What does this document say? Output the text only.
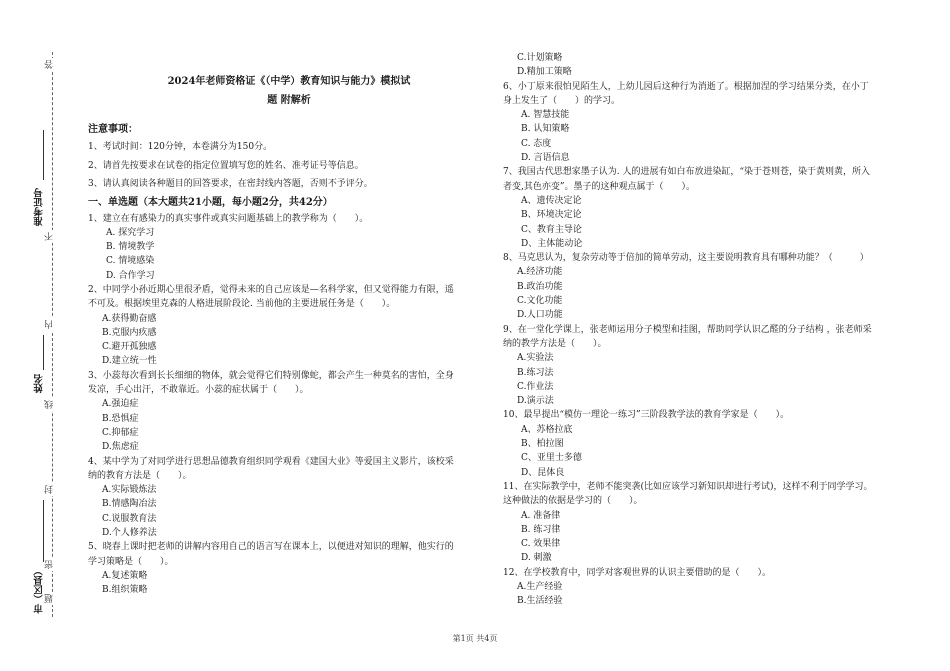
答
不
内
线
封
密
题
准考证号
姓名
市（区县）

2024年老师资格证《（中学）教育知识与能力》模拟试

题 附解析

注意事项：

1、考试时间：120分钟，本卷满分为150分。

2、请首先按要求在试卷的指定位置填写您的姓名、准考证号等信息。

3、请认真阅读各种题目的回答要求，在密封线内答题，否则不予评分。

一、单选题（本大题共21小题，每小题2分，共42分）

1、建立在有感染力的真实事件或真实问题基础上的教学称为（　　）。

A. 探究学习

B. 情境教学

C. 情境感染

D. 合作学习

2、中同学小孙近期心里很矛盾，觉得未来的自己应该是—名科学家，但又觉得能力有限，遥

不可及。根据埃里克森的人格进展阶段论. 当前他的主要进展任务是（　　）。

A.获得勤奋感

B.克服内疚感

C.避开孤独感

D.建立统一性

3、小蕊每次看到长长细细的物体，就会觉得它们特别像蛇，都会产生一种莫名的害怕，全身

发凉，手心出汗，不敢靠近。小蕊的症状属于（　　）。

A.强迫症

B.恐惧症

C.抑郁症

D.焦虑症

4、某中学为了对同学进行思想品德教育组织同学观看《建国大业》等爱国主义影片，该校采

纳的教育方法是（　　）。

A.实际锻炼法

B.情感陶冶法

C.说服教育法

D.个人修养法

5、晓春上课时把老师的讲解内容用自己的语言写在课本上，以便进对知识的理解，他实行的

学习策略是（　　）。

A.复述策略

B.组织策略

C.计划策略

D.精加工策略

6、小丁原来很怕见陌生人，上幼儿园后这种行为消逝了。根据加涅的学习结果分类，在小丁

身上发生了（　　）的学习。

A. 智慧技能

B. 认知策略

C. 态度

D. 言语信息

7、我国古代思想家墨子认为. 人的进展有如白布放进染缸，“染于苍则苍，染于黄则黄，所入

者变,其色亦变”。墨子的这种观点属于（　　）。

A、遗传决定论

B、环境决定论

C、教育主导论

D、主体能动论

8、马克思认为，复杂劳动等于倍加的简单劳动，这主要说明教育具有哪种功能？（　　　）

A.经济功能

B.政治功能

C.文化功能

D.人口功能

9、在一堂化学课上，张老师运用分子模型和挂图，帮助同学认识乙醛的分子结构 ，张老师采

纳的教学方法是（　　）。

A.实验法

B.练习法

C.作业法

D.演示法

10、最早提出“模仿一理论一练习”三阶段教学法的教育学家是（　　）。

A、苏格拉底

B、柏拉图

C、亚里士多德

D、昆体良

11、在实际教学中，老师不能突袭(比如应该学习新知识却进行考试)，这样不利于同学学习。

这种做法的依据是学习的（　　）。

A. 准备律

B. 练习律

C. 效果律

D. 刺激

12、在学校教育中，同学对客观世界的认识主要借助的是（　　）。

A.生产经验

B.生活经验

第1页 共4页
